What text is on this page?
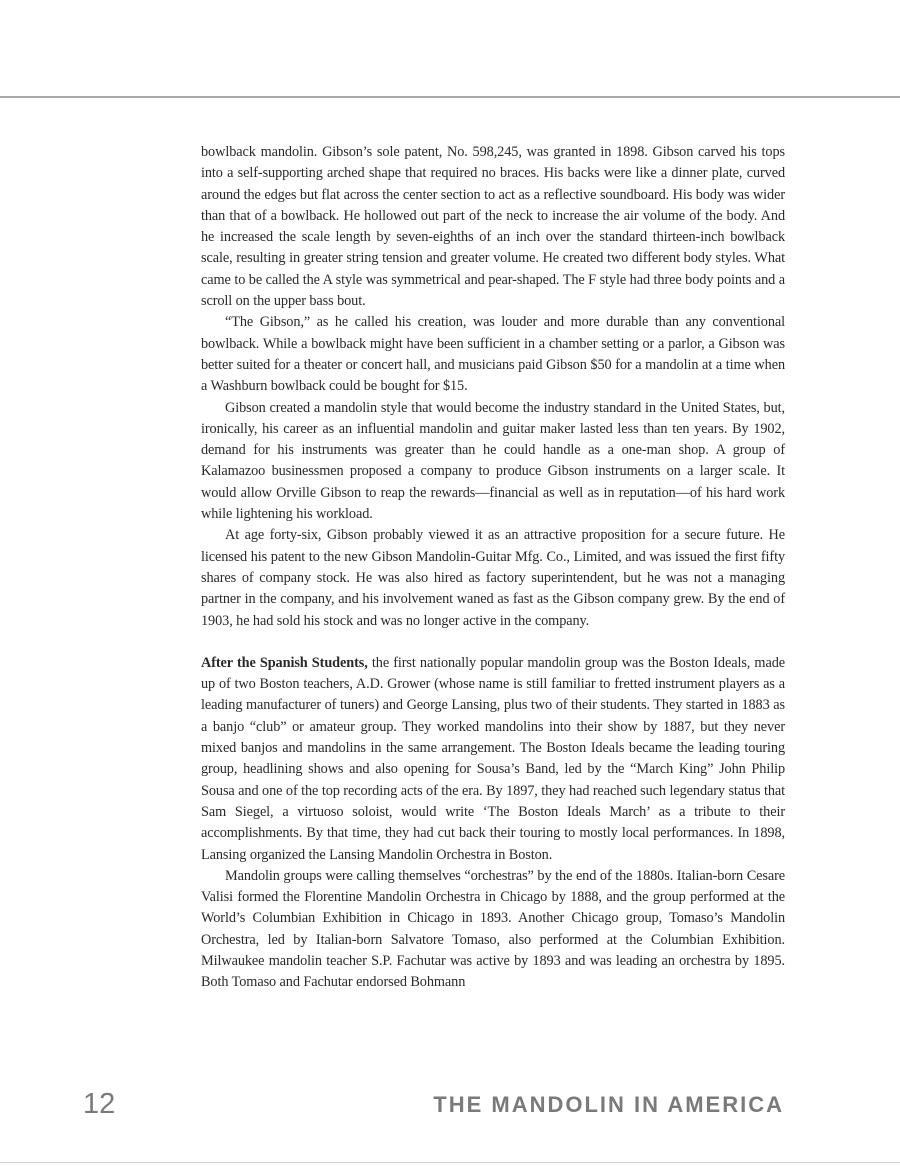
bowlback mandolin. Gibson’s sole patent, No. 598,245, was granted in 1898. Gibson carved his tops into a self-supporting arched shape that required no braces. His backs were like a dinner plate, curved around the edges but flat across the center section to act as a reflective soundboard. His body was wider than that of a bowlback. He hollowed out part of the neck to increase the air volume of the body. And he increased the scale length by seven-eighths of an inch over the standard thirteen-inch bowlback scale, resulting in greater string tension and greater volume. He created two different body styles. What came to be called the A style was symmetrical and pear-shaped. The F style had three body points and a scroll on the upper bass bout.

“The Gibson,” as he called his creation, was louder and more durable than any conventional bowlback. While a bowlback might have been sufficient in a chamber setting or a parlor, a Gibson was better suited for a theater or concert hall, and musicians paid Gibson $50 for a mandolin at a time when a Washburn bowlback could be bought for $15.

Gibson created a mandolin style that would become the industry standard in the United States, but, ironically, his career as an influential mandolin and guitar maker lasted less than ten years. By 1902, demand for his instruments was greater than he could handle as a one-man shop. A group of Kalamazoo businessmen proposed a company to produce Gibson instruments on a larger scale. It would allow Orville Gibson to reap the rewards—financial as well as in reputation—of his hard work while lightening his workload.

At age forty-six, Gibson probably viewed it as an attractive proposition for a secure future. He licensed his patent to the new Gibson Mandolin-Guitar Mfg. Co., Limited, and was issued the first fifty shares of company stock. He was also hired as factory superintendent, but he was not a managing partner in the company, and his involvement waned as fast as the Gibson company grew. By the end of 1903, he had sold his stock and was no longer active in the company.

After the Spanish Students, the first nationally popular mandolin group was the Boston Ideals, made up of two Boston teachers, A.D. Grower (whose name is still familiar to fretted instrument players as a leading manufacturer of tuners) and George Lansing, plus two of their students. They started in 1883 as a banjo “club” or amateur group. They worked mandolins into their show by 1887, but they never mixed banjos and mandolins in the same arrangement. The Boston Ideals became the leading touring group, headlining shows and also opening for Sousa’s Band, led by the “March King” John Philip Sousa and one of the top recording acts of the era. By 1897, they had reached such legendary status that Sam Siegel, a virtuoso soloist, would write ‘The Boston Ideals March’ as a tribute to their accomplishments. By that time, they had cut back their touring to mostly local performances. In 1898, Lansing organized the Lansing Mandolin Orchestra in Boston.

Mandolin groups were calling themselves “orchestras” by the end of the 1880s. Italian-born Cesare Valisi formed the Florentine Mandolin Orchestra in Chicago by 1888, and the group performed at the World’s Columbian Exhibition in Chicago in 1893. Another Chicago group, Tomaso’s Mandolin Orchestra, led by Italian-born Salvatore Tomaso, also performed at the Columbian Exhibition. Milwaukee mandolin teacher S.P. Fachutar was active by 1893 and was leading an orchestra by 1895. Both Tomaso and Fachutar endorsed Bohmann

12	THE MANDOLIN IN AMERICA
